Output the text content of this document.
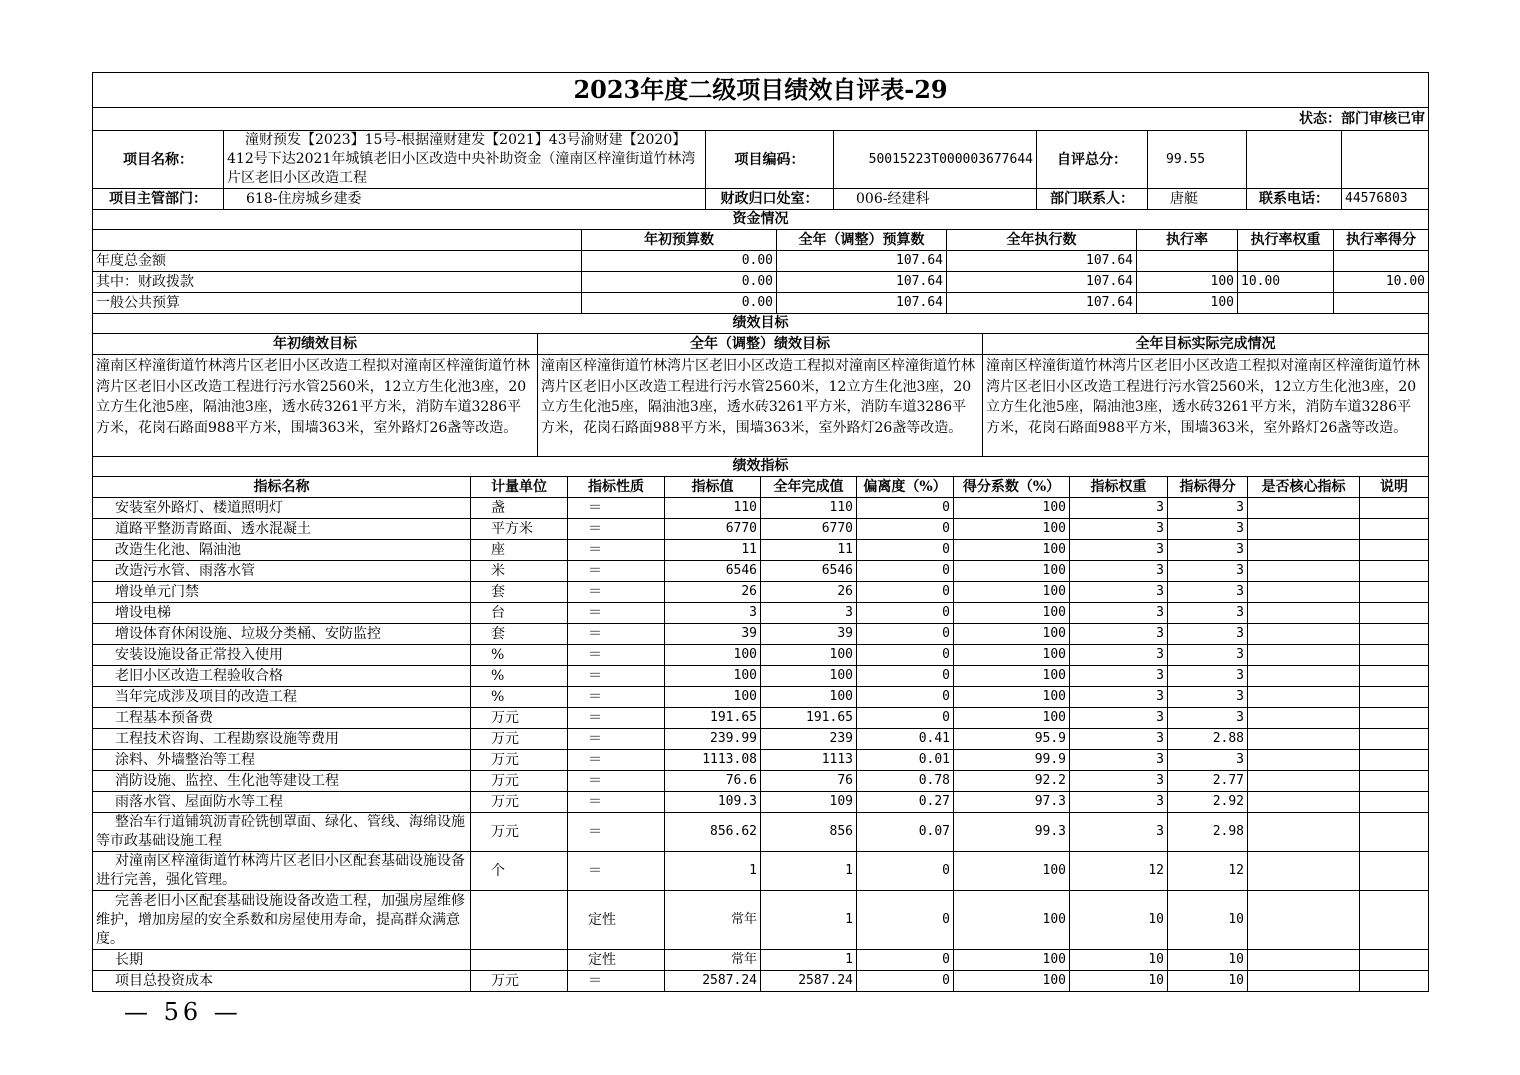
2023年度二级项目绩效自评表-29							
状态：部门审核已审							
项目名称：	潼财预发【2023】15号-根据潼财建发【2021】43号渝财建【2020】412号下达2021年城镇老旧小区改造中央补助资金（潼南区梓潼街道竹林湾片区老旧小区改造工程	项目编码：	50015223T000003677644	自评总分：	99.55		
项目主管部门：	618-住房城乡建委	财政归口处室：	006-经建科	部门联系人：	唐艇	联系电话：	44576803
资金情况							
	年初预算数	全年（调整）预算数	全年执行数	执行率	执行率权重	执行率得分
年度总金额	0.00	107.64	107.64			
其中：财政拨款	0.00	107.64	107.64	100	10.00	10.00
一般公共预算	0.00	107.64	107.64	100		
绩效目标						
年初绩效目标	全年（调整）绩效目标	全年目标实际完成情况
潼南区梓潼街道竹林湾片区老旧小区改造工程拟对潼南区梓潼街道竹林湾片区老旧小区改造工程进行污水管2560米，12立方生化池3座，20立方生化池5座，隔油池3座，透水砖3261平方米，消防车道3286平方米，花岗石路面988平方米，围墙363米，室外路灯26盏等改造。	潼南区梓潼街道竹林湾片区老旧小区改造工程拟对潼南区梓潼街道竹林湾片区老旧小区改造工程进行污水管2560米，12立方生化池3座，20立方生化池5座，隔油池3座，透水砖3261平方米，消防车道3286平方米，花岗石路面988平方米，围墙363米，室外路灯26盏等改造。	潼南区梓潼街道竹林湾片区老旧小区改造工程拟对潼南区梓潼街道竹林湾片区老旧小区改造工程进行污水管2560米，12立方生化池3座，20立方生化池5座，隔油池3座，透水砖3261平方米，消防车道3286平方米，花岗石路面988平方米，围墙363米，室外路灯26盏等改造。
绩效指标		
指标名称	计量单位	指标性质	指标值	全年完成值	偏离度（%）	得分系数（%）	指标权重	指标得分	是否核心指标	说明
安装室外路灯、楼道照明灯	盏	＝	110	110	0	100	3	3		
道路平整沥青路面、透水混凝土	平方米	＝	6770	6770	0	100	3	3		
改造生化池、隔油池	座	＝	11	11	0	100	3	3		
改造污水管、雨落水管	米	＝	6546	6546	0	100	3	3		
增设单元门禁	套	＝	26	26	0	100	3	3		
增设电梯	台	＝	3	3	0	100	3	3		
增设体育休闲设施、垃圾分类桶、安防监控	套	＝	39	39	0	100	3	3		
安装设施设备正常投入使用	%	＝	100	100	0	100	3	3		
老旧小区改造工程验收合格	%	＝	100	100	0	100	3	3		
当年完成涉及项目的改造工程	%	＝	100	100	0	100	3	3		
工程基本预备费	万元	＝	191.65	191.65	0	100	3	3		
工程技术咨询、工程勘察设施等费用	万元	＝	239.99	239	0.41	95.9	3	2.88		
涂料、外墙整治等工程	万元	＝	1113.08	1113	0.01	99.9	3	3		
消防设施、监控、生化池等建设工程	万元	＝	76.6	76	0.78	92.2	3	2.77		
雨落水管、屋面防水等工程	万元	＝	109.3	109	0.27	97.3	3	2.92		
整治车行道铺筑沥青砼铣刨罩面、绿化、管线、海绵设施等市政基础设施工程	万元	＝	856.62	856	0.07	99.3	3	2.98		
对潼南区梓潼街道竹林湾片区老旧小区配套基础设施设备进行完善，强化管理。	个	＝	1	1	0	100	12	12		
完善老旧小区配套基础设施设备改造工程，加强房屋维修维护，增加房屋的安全系数和房屋使用寿命，提高群众满意度。		定性	常年	1	0	100	10	10		
长期		定性	常年	1	0	100	10	10		
项目总投资成本	万元	＝	2587.24	2587.24	0	100	10	10		
— 56 —
